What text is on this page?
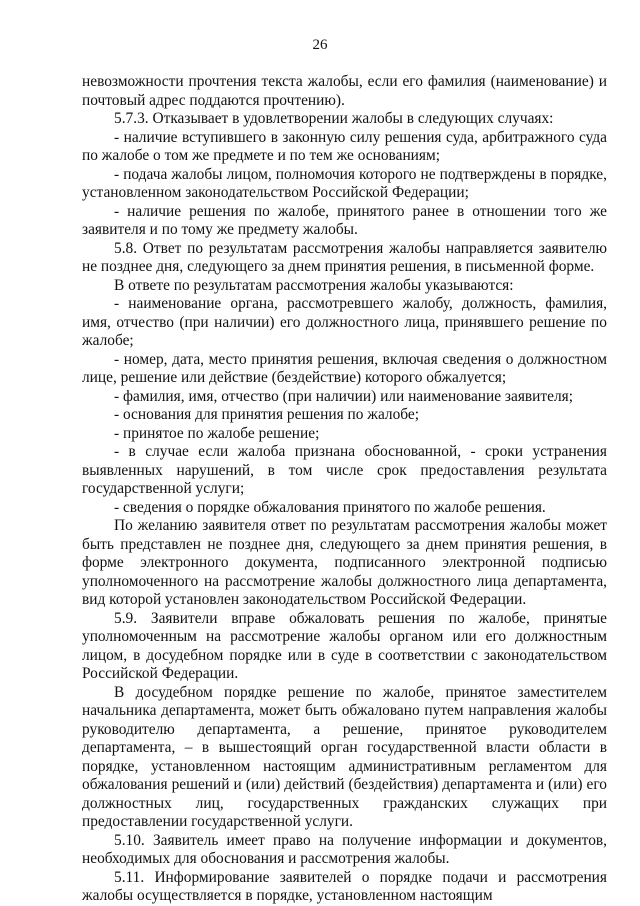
26

невозможности прочтения текста жалобы, если его фамилия (наименование) и почтовый адрес поддаются прочтению).

5.7.3. Отказывает в удовлетворении жалобы в следующих случаях:

- наличие вступившего в законную силу решения суда, арбитражного суда по жалобе о том же предмете и по тем же основаниям;

- подача жалобы лицом, полномочия которого не подтверждены в порядке, установленном законодательством Российской Федерации;

- наличие решения по жалобе, принятого ранее в отношении того же заявителя и по тому же предмету жалобы.

5.8. Ответ по результатам рассмотрения жалобы направляется заявителю не позднее дня, следующего за днем принятия решения, в письменной форме.

В ответе по результатам рассмотрения жалобы указываются:

- наименование органа, рассмотревшего жалобу, должность, фамилия, имя, отчество (при наличии) его должностного лица, принявшего решение по жалобе;

- номер, дата, место принятия решения, включая сведения о должностном лице, решение или действие (бездействие) которого обжалуется;

- фамилия, имя, отчество (при наличии) или наименование заявителя;

- основания для принятия решения по жалобе;

- принятое по жалобе решение;

- в случае если жалоба признана обоснованной, - сроки устранения выявленных нарушений, в том числе срок предоставления результата государственной услуги;

- сведения о порядке обжалования принятого по жалобе решения.

По желанию заявителя ответ по результатам рассмотрения жалобы может быть представлен не позднее дня, следующего за днем принятия решения, в форме электронного документа, подписанного электронной подписью уполномоченного на рассмотрение жалобы должностного лица департамента, вид которой установлен законодательством Российской Федерации.

5.9. Заявители вправе обжаловать решения по жалобе, принятые уполномоченным на рассмотрение жалобы органом или его должностным лицом, в досудебном порядке или в суде в соответствии с законодательством Российской Федерации.

В досудебном порядке решение по жалобе, принятое заместителем начальника департамента, может быть обжаловано путем направления жалобы руководителю департамента, а решение, принятое руководителем департамента, – в вышестоящий орган государственной власти области в порядке, установленном настоящим административным регламентом для обжалования решений и (или) действий (бездействия) департамента и (или) его должностных лиц, государственных гражданских служащих при предоставлении государственной услуги.

5.10. Заявитель имеет право на получение информации и документов, необходимых для обоснования и рассмотрения жалобы.

5.11. Информирование заявителей о порядке подачи и рассмотрения жалобы осуществляется в порядке, установленном настоящим
